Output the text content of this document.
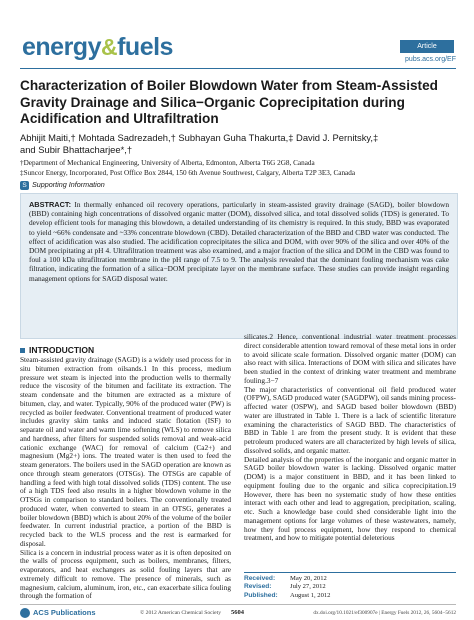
energy&fuels	Article
pubs.acs.org/EF
Characterization of Boiler Blowdown Water from Steam-Assisted Gravity Drainage and Silica−Organic Coprecipitation during Acidification and Ultrafiltration
Abhijit Maiti,† Mohtada Sadrezadeh,† Subhayan Guha Thakurta,‡ David J. Pernitsky,‡
and Subir Bhattacharjee*,†
†Department of Mechanical Engineering, University of Alberta, Edmonton, Alberta T6G 2G8, Canada
‡Suncor Energy, Incorporated, Post Office Box 2844, 150 6th Avenue Southwest, Calgary, Alberta T2P 3E3, Canada
S Supporting Information
ABSTRACT: In thermally enhanced oil recovery operations, particularly in steam-assisted gravity drainage (SAGD), boiler blowdown (BBD) containing high concentrations of dissolved organic matter (DOM), dissolved silica, and total dissolved solids (TDS) is generated. To develop efficient tools for managing this blowdown, a detailed understanding of its chemistry is required. In this study, BBD was evaporated to yield ~66% condensate and ~33% concentrate blowdown (CBD). Detailed characterization of the BBD and CBD water was conducted. The effect of acidification was also studied. The acidification coprecipitates the silica and DOM, with over 90% of the silica and over 40% of the DOM precipitating at pH 4. Ultrafiltration treatment was also examined, and a major fraction of the silica and DOM in the CBD was found to foul a 100 kDa ultrafiltration membrane in the pH range of 7.5 to 9. The analysis revealed that the dominant fouling mechanism was cake filtration, indicating the formation of a silica−DOM precipitate layer on the membrane surface. These studies can provide insight regarding management options for SAGD disposal water.
INTRODUCTION
Steam-assisted gravity drainage (SAGD) is a widely used process for in situ bitumen extraction from oilsands.1 In this process, medium pressure wet steam is injected into the production wells to thermally reduce the viscosity of the bitumen and facilitate its extraction. The steam condensate and the bitumen are extracted as a mixture of bitumen, clay, and water. Typically, 90% of the produced water (PW) is recycled as boiler feedwater. Conventional treatment of produced water includes gravity skim tanks and induced static flotation (ISF) to separate oil and water and warm lime softening (WLS) to remove silica and hardness, after filters for suspended solids removal and weak-acid cationic exchange (WAC) for removal of calcium (Ca2+) and magnesium (Mg2+) ions. The treated water is then used to feed the steam generators. The boilers used in the SAGD operation are known as once through steam generators (OTSGs). The OTSGs are capable of handling a feed with high total dissolved solids (TDS) content. The use of a high TDS feed also results in a higher blowdown volume in the OTSGs in comparison to standard boilers. The conventionally treated produced water, when converted to steam in an OTSG, generates a boiler blowdown (BBD) which is about 20% of the volume of the boiler feedwater. In current industrial practice, a portion of the BBD is recycled back to the WLS process and the rest is earmarked for disposal.
Silica is a concern in industrial process water as it is often deposited on the walls of process equipment, such as boilers, membranes, filters, evaporators, and heat exchangers as solid fouling layers that are extremely difficult to remove. The presence of minerals, such as magnesium, calcium, aluminum, iron, etc., can exacerbate silica fouling through the formation of
silicates.2 Hence, conventional industrial water treatment processes direct considerable attention toward removal of these metal ions in order to avoid silicate scale formation. Dissolved organic matter (DOM) can also react with silica. Interactions of DOM with silica and silicates have been studied in the context of drinking water treatment and membrane fouling.3−7
The major characteristics of conventional oil field produced water (OFPW), SAGD produced water (SAGDPW), oil sands mining process-affected water (OSPW), and SAGD based boiler blowdown (BBD) water are illustrated in Table 1. There is a lack of scientific literature examining the characteristics of SAGD BBD. The characteristics of BBD in Table 1 are from the present study. It is evident that these petroleum produced waters are all characterized by high levels of silica, dissolved solids, and organic matter.
Detailed analysis of the properties of the inorganic and organic matter in SAGD boiler blowdown water is lacking. Dissolved organic matter (DOM) is a major constituent in BBD, and it has been linked to equipment fouling due to the organic and silica coprecipitation.19 However, there has been no systematic study of how these entities interact with each other and lead to aggregation, precipitation, scaling, etc. Such a knowledge base could shed considerable light into the management options for large volumes of these wastewaters, namely, how they foul process equipment, how they respond to chemical treatment, and how to mitigate potential deleterious
Received: May 20, 2012
Revised:	July 27, 2012
Published: August 1, 2012
ACS Publications	© 2012 American Chemical Society 5604	dx.doi.org/10.1021/ef300907e | Energy Fuels 2012, 26, 5604−5612
